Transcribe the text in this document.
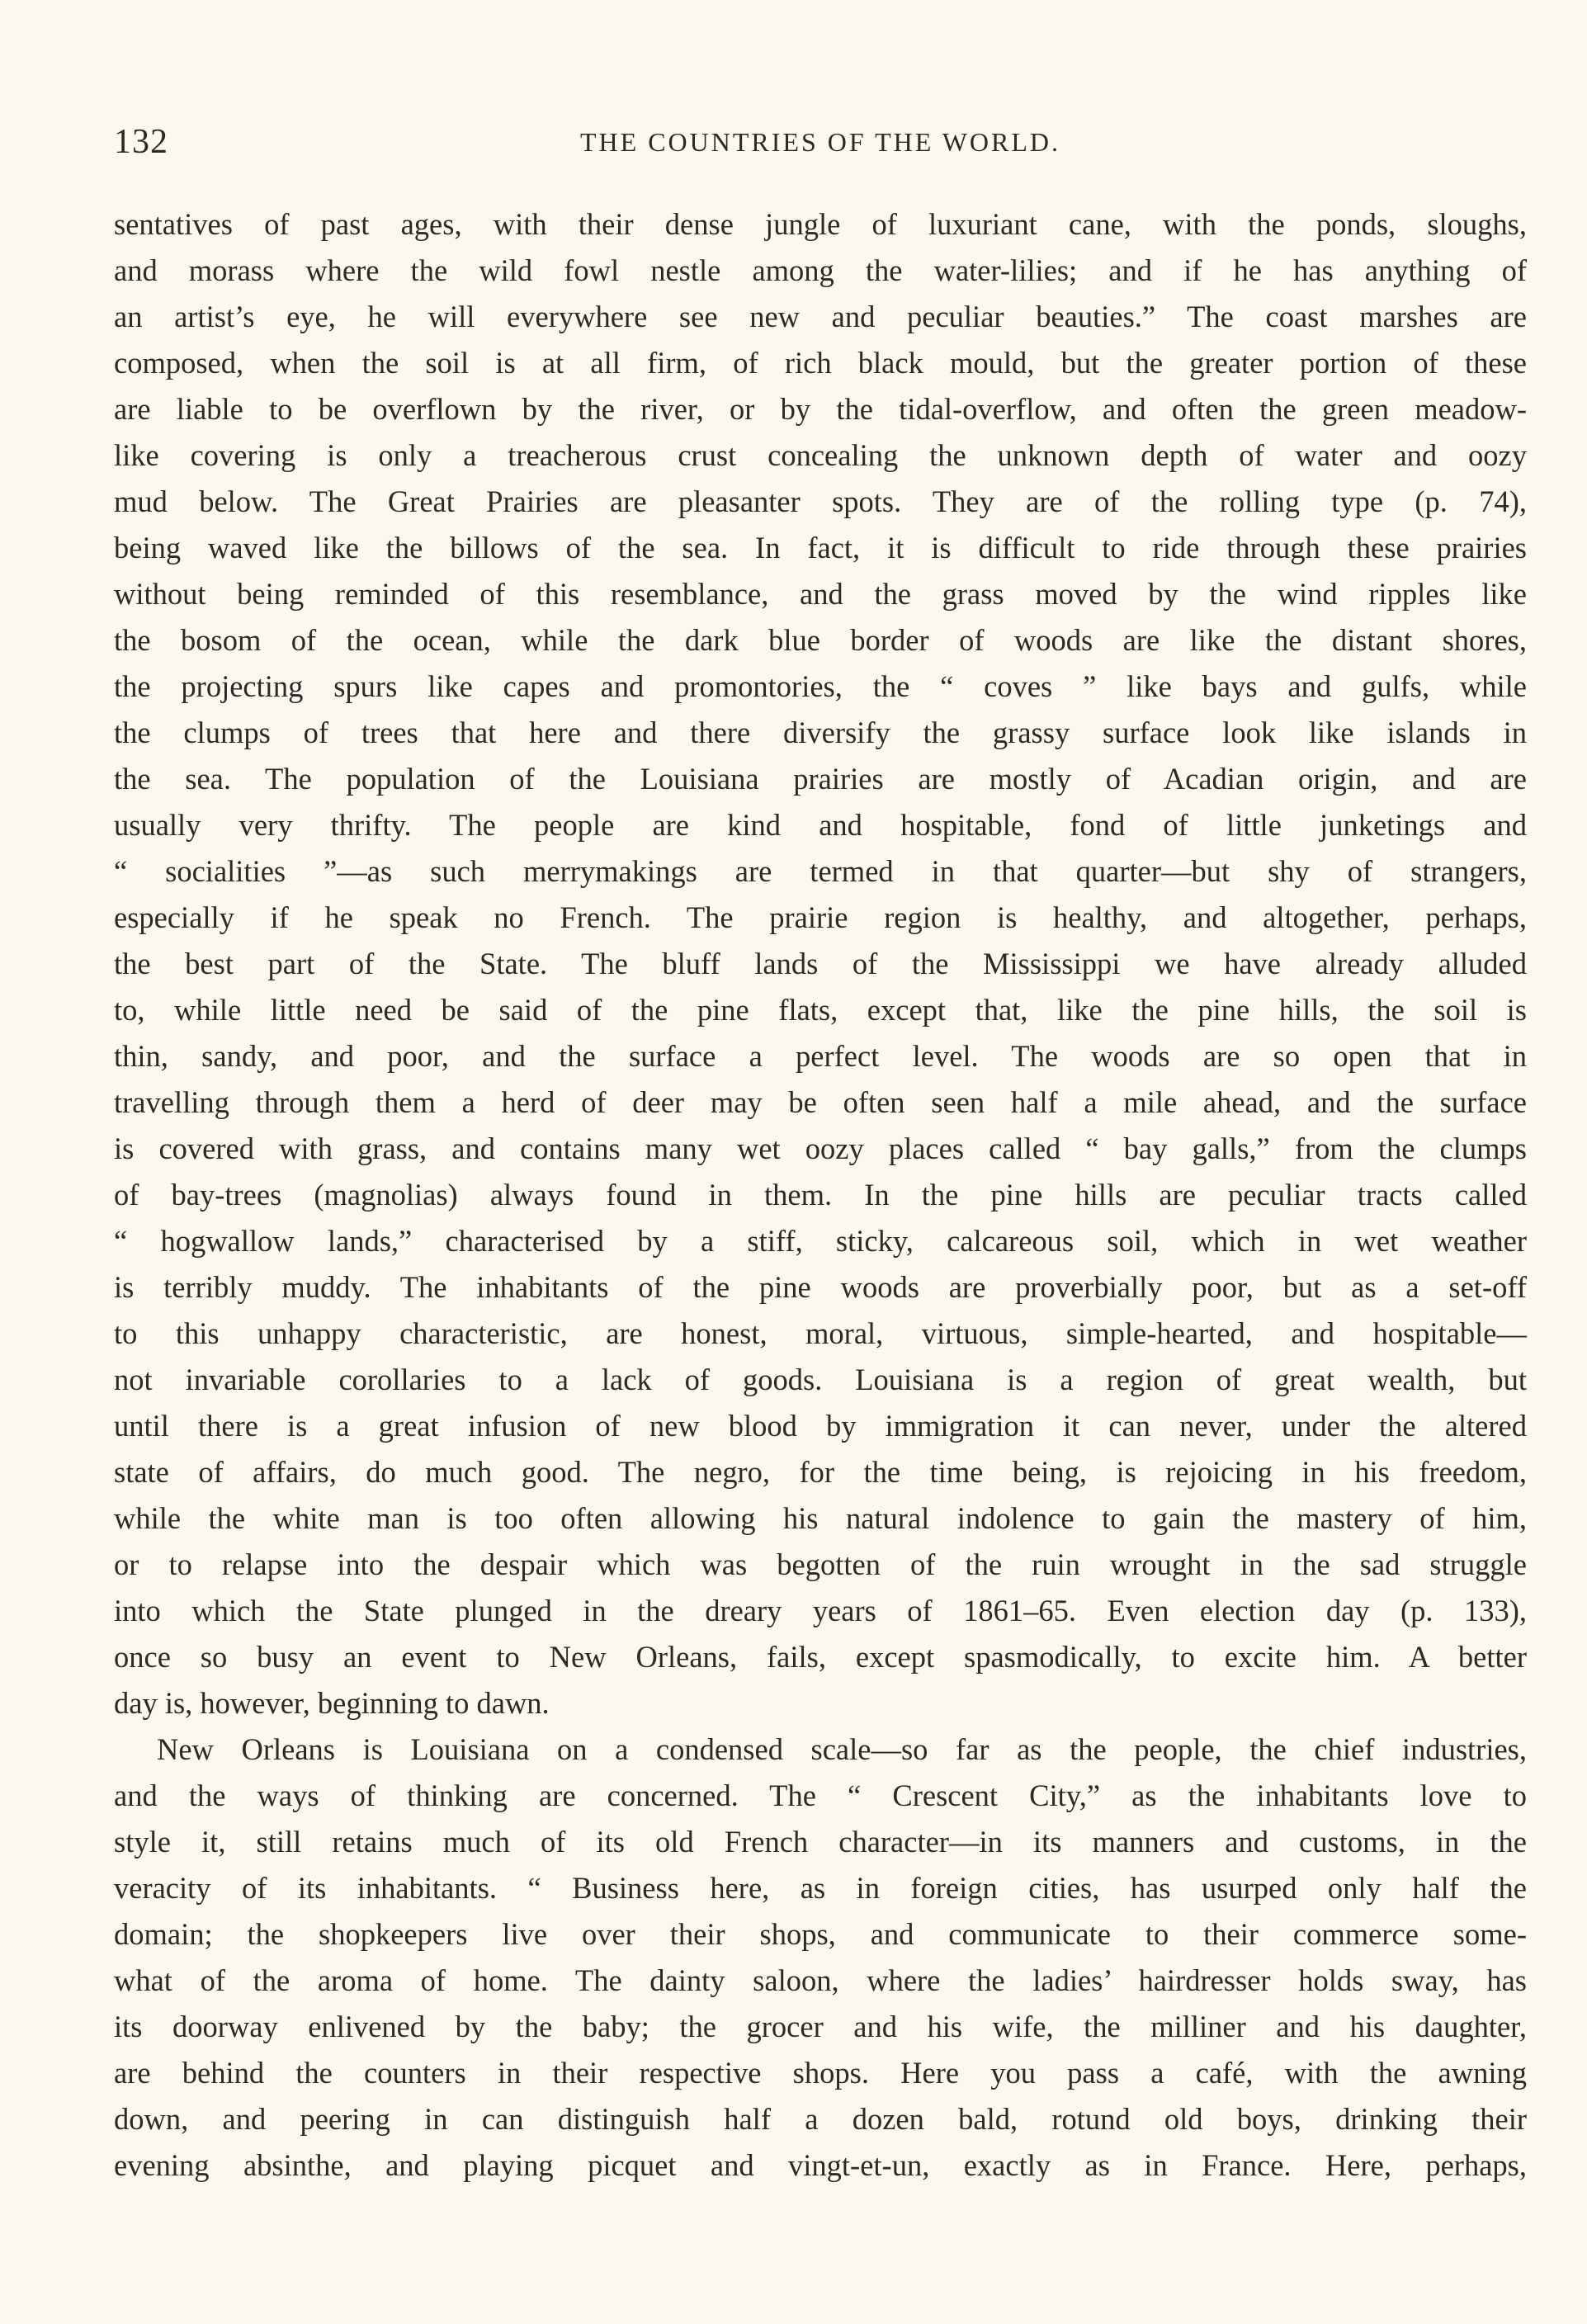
132	THE COUNTRIES OF THE WORLD.
sentatives of past ages, with their dense jungle of luxuriant cane, with the ponds, sloughs,
and morass where the wild fowl nestle among the water-lilies; and if he has anything of
an artist’s eye, he will everywhere see new and peculiar beauties.” The coast marshes are
composed, when the soil is at all firm, of rich black mould, but the greater portion of these
are liable to be overflown by the river, or by the tidal-overflow, and often the green meadow-
like covering is only a treacherous crust concealing the unknown depth of water and oozy
mud below. The Great Prairies are pleasanter spots. They are of the rolling type (p. 74),
being waved like the billows of the sea. In fact, it is difficult to ride through these prairies
without being reminded of this resemblance, and the grass moved by the wind ripples like
the bosom of the ocean, while the dark blue border of woods are like the distant shores,
the projecting spurs like capes and promontories, the “ coves ” like bays and gulfs, while
the clumps of trees that here and there diversify the grassy surface look like islands in
the sea. The population of the Louisiana prairies are mostly of Acadian origin, and are
usually very thrifty. The people are kind and hospitable, fond of little junketings and
“ socialities ”—as such merrymakings are termed in that quarter—but shy of strangers,
especially if he speak no French. The prairie region is healthy, and altogether, perhaps,
the best part of the State. The bluff lands of the Mississippi we have already alluded
to, while little need be said of the pine flats, except that, like the pine hills, the soil is
thin, sandy, and poor, and the surface a perfect level. The woods are so open that in
travelling through them a herd of deer may be often seen half a mile ahead, and the surface
is covered with grass, and contains many wet oozy places called “ bay galls,” from the clumps
of bay-trees (magnolias) always found in them. In the pine hills are peculiar tracts called
“ hogwallow lands,” characterised by a stiff, sticky, calcareous soil, which in wet weather
is terribly muddy. The inhabitants of the pine woods are proverbially poor, but as a set-off
to this unhappy characteristic, are honest, moral, virtuous, simple-hearted, and hospitable—
not invariable corollaries to a lack of goods. Louisiana is a region of great wealth, but
until there is a great infusion of new blood by immigration it can never, under the altered
state of affairs, do much good. The negro, for the time being, is rejoicing in his freedom,
while the white man is too often allowing his natural indolence to gain the mastery of him,
or to relapse into the despair which was begotten of the ruin wrought in the sad struggle
into which the State plunged in the dreary years of 1861–65. Even election day (p. 133),
once so busy an event to New Orleans, fails, except spasmodically, to excite him. A better
day is, however, beginning to dawn.
New Orleans is Louisiana on a condensed scale—so far as the people, the chief industries,
and the ways of thinking are concerned. The “ Crescent City,” as the inhabitants love to
style it, still retains much of its old French character—in its manners and customs, in the
veracity of its inhabitants. “ Business here, as in foreign cities, has usurped only half the
domain; the shopkeepers live over their shops, and communicate to their commerce some-
what of the aroma of home. The dainty saloon, where the ladies’ hairdresser holds sway, has
its doorway enlivened by the baby; the grocer and his wife, the milliner and his daughter,
are behind the counters in their respective shops. Here you pass a café, with the awning
down, and peering in can distinguish half a dozen bald, rotund old boys, drinking their
evening absinthe, and playing picquet and vingt-et-un, exactly as in France. Here, perhaps,
